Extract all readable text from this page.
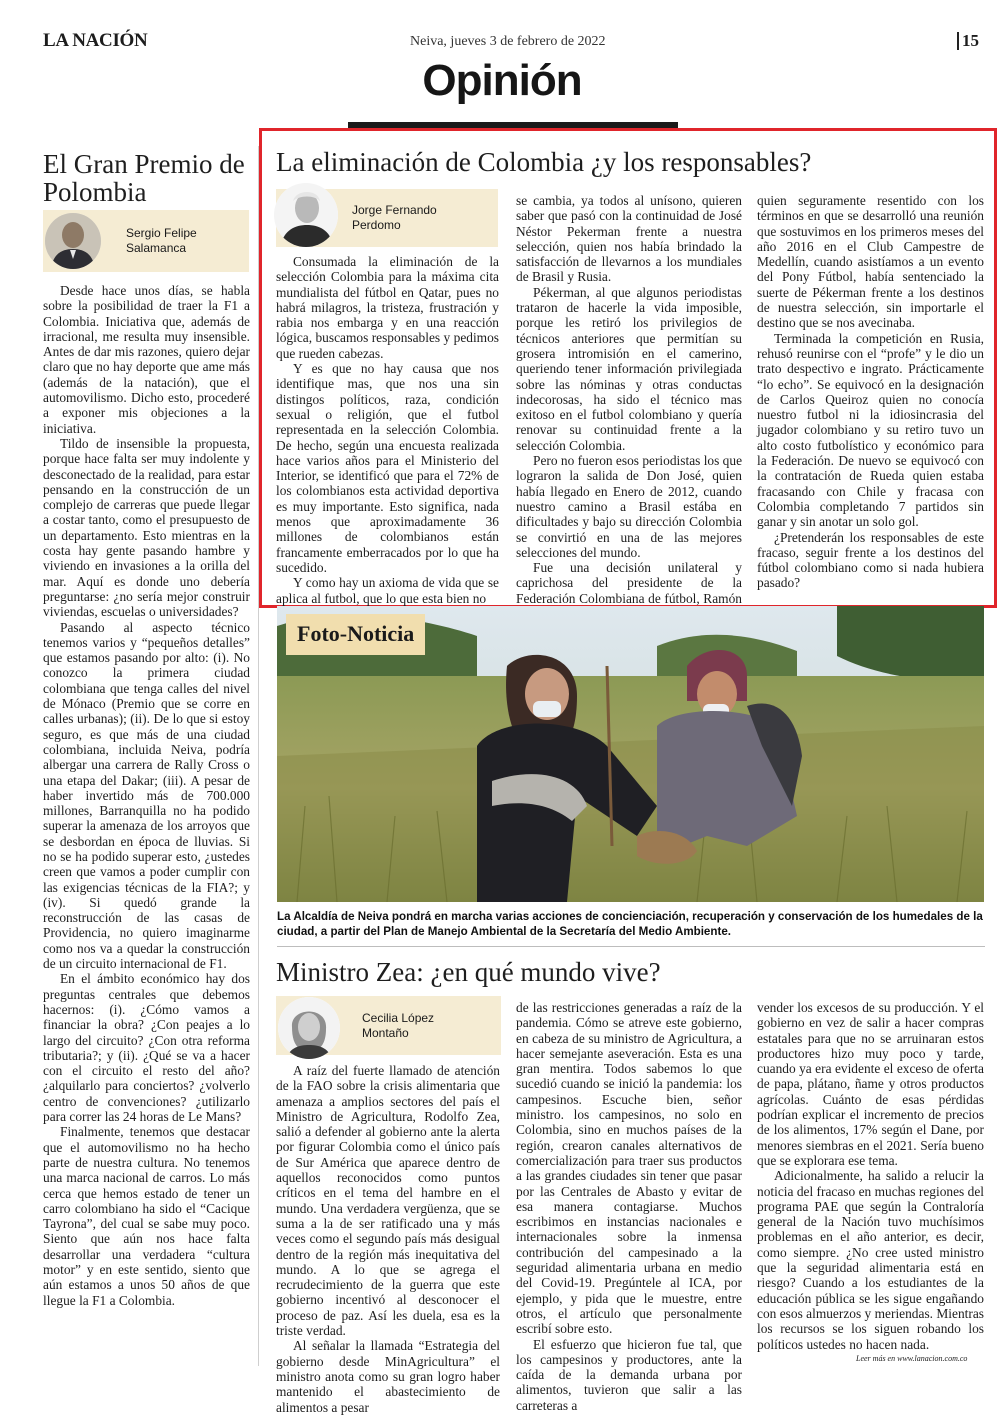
LA NACIÓN	Neiva, jueves 3 de febrero de 2022	15
Opinión
El Gran Premio de Polombia
Sergio Felipe Salamanca

Desde hace unos días, se habla sobre la posibilidad de traer la F1 a Colombia. Iniciativa que, además de irracional, me resulta muy insensible. Antes de dar mis razones, quiero dejar claro que no hay deporte que ame más (además de la natación), que el automovilismo. Dicho esto, procederé a exponer mis objeciones a la iniciativa.

Tildo de insensible la propuesta, porque hace falta ser muy indolente y desconectado de la realidad, para estar pensando en la construcción de un complejo de carreras que puede llegar a costar tanto, como el presupuesto de un departamento. Esto mientras en la costa hay gente pasando hambre y viviendo en invasiones a la orilla del mar. Aquí es donde uno debería preguntarse: ¿no sería mejor construir viviendas, escuelas o universidades?

Pasando al aspecto técnico tenemos varios y “pequeños detalles” que estamos pasando por alto: (i). No conozco la primera ciudad colombiana que tenga calles del nivel de Mónaco (Premio que se corre en calles urbanas); (ii). De lo que si estoy seguro, es que más de una ciudad colombiana, incluida Neiva, podría albergar una carrera de Rally Cross o una etapa del Dakar; (iii). A pesar de haber invertido más de 700.000 millones, Barranquilla no ha podido superar la amenaza de los arroyos que se desbordan en época de lluvias. Si no se ha podido superar esto, ¿ustedes creen que vamos a poder cumplir con las exigencias técnicas de la FIA?; y (iv). Si quedó grande la reconstrucción de las casas de Providencia, no quiero imaginarme como nos va a quedar la construcción de un circuito internacional de F1.

En el ámbito económico hay dos preguntas centrales que debemos hacernos: (i). ¿Cómo vamos a financiar la obra? ¿Con peajes a lo largo del circuito? ¿Con otra reforma tributaria?; y (ii). ¿Qué se va a hacer con el circuito el resto del año? ¿alquilarlo para conciertos? ¿volverlo centro de convenciones? ¿utilizarlo para correr las 24 horas de Le Mans?

Finalmente, tenemos que destacar que el automovilismo no ha hecho parte de nuestra cultura. No tenemos una marca nacional de carros. Lo más cerca que hemos estado de tener un carro colombiano ha sido el “Cacique Tayrona”, del cual se sabe muy poco. Siento que aún nos hace falta desarrollar una verdadera “cultura motor” y en este sentido, siento que aún estamos a unos 50 años de que llegue la F1 a Colombia.

La eliminación de Colombia ¿y los responsables?
Jorge Fernando Perdomo

Consumada la eliminación de la selección Colombia para la máxima cita mundialista del fútbol en Qatar, pues no habrá milagros, la tristeza, frustración y rabia nos embarga y en una reacción lógica, buscamos responsables y pedimos que rueden cabezas.

Y es que no hay causa que nos identifique mas, que nos una sin distingos políticos, raza, condición sexual o religión, que el futbol representada en la selección Colombia. De hecho, según una encuesta realizada hace varios años para el Ministerio del Interior, se identificó que para el 72% de los colombianos esta actividad deportiva es muy importante. Esto significa, nada menos que aproximadamente 36 millones de colombianos están francamente emberracados por lo que ha sucedido.

Y como hay un axioma de vida que se aplica al futbol, que lo que esta bien no

se cambia, ya todos al unísono, quieren saber que pasó con la continuidad de José Néstor Pekerman frente a nuestra selección, quien nos había brindado la satisfacción de llevarnos a los mundiales de Brasil y Rusia.

Pékerman, al que algunos periodistas trataron de hacerle la vida imposible, porque les retiró los privilegios de técnicos anteriores que permitían su grosera intromisión en el camerino, queriendo tener información privilegiada sobre las nóminas y otras conductas indecorosas, ha sido el técnico mas exitoso en el futbol colombiano y quería renovar su continuidad frente a la selección Colombia.

Pero no fueron esos periodistas los que lograron la salida de Don José, quien había llegado en Enero de 2012, cuando nuestro camino a Brasil estába en dificultades y bajo su dirección Colombia se convirtió en una de las mejores selecciones del mundo.

Fue una decisión unilateral y caprichosa del presidente de la Federación Colombiana de fútbol, Ramón

quien seguramente resentido con los términos en que se desarrolló una reunión que sostuvimos en los primeros meses del año 2016 en el Club Campestre de Medellín, cuando asistíamos a un evento del Pony Fútbol, había sentenciado la suerte de Pékerman frente a los destinos de nuestra selección, sin importarle el destino que se nos avecinaba.

Terminada la competición en Rusia, rehusó reunirse con el “profe” y le dio un trato despectivo e ingrato. Prácticamente “lo echo”. Se equivocó en la designación de Carlos Queiroz quien no conocía nuestro futbol ni la idiosincrasia del jugador colombiano y su retiro tuvo un alto costo futbolístico y económico para la Federación. De nuevo se equivocó con la contratación de Rueda quien estaba fracasando con Chile y fracasa con Colombia completando 7 partidos sin ganar y sin anotar un solo gol.

¿Pretenderán los responsables de este fracaso, seguir frente a los destinos del fútbol colombiano como si nada hubiera pasado?

Foto-Noticia
La Alcaldía de Neiva pondrá en marcha varias acciones de concienciación, recuperación y conservación de los humedales de la ciudad, a partir del Plan de Manejo Ambiental de la Secretaría del Medio Ambiente.
Ministro Zea: ¿en qué mundo vive?
Cecilia López Montaño

A raíz del fuerte llamado de atención de la FAO sobre la crisis alimentaria que amenaza a amplios sectores del país el Ministro de Agricultura, Rodolfo Zea, salió a defender al gobierno ante la alerta por figurar Colombia como el único país de Sur América que aparece dentro de aquellos reconocidos como puntos críticos en el tema del hambre en el mundo. Una verdadera vergüenza, que se suma a la de ser ratificado una y más veces como el segundo país más desigual dentro de la región más inequitativa del mundo. A lo que se agrega el recrudecimiento de la guerra que este gobierno incentivó al desconocer el proceso de paz. Así les duela, esa es la triste verdad.

Al señalar la llamada “Estrategia del gobierno desde MinAgricultura” el ministro anota como su gran logro haber mantenido el abastecimiento de alimentos a pesar

de las restricciones generadas a raíz de la pandemia. Cómo se atreve este gobierno, en cabeza de su ministro de Agricultura, a hacer semejante aseveración. Esta es una gran mentira. Todos sabemos lo que sucedió cuando se inició la pandemia: los campesinos. Escuche bien, señor ministro. los campesinos, no solo en Colombia, sino en muchos países de la región, crearon canales alternativos de comercialización para traer sus productos a las grandes ciudades sin tener que pasar por las Centrales de Abasto y evitar de esa manera contagiarse. Muchos escribimos en instancias nacionales e internacionales sobre la inmensa contribución del campesinado a la seguridad alimentaria urbana en medio del Covid-19. Pregúntele al ICA, por ejemplo, y pida que le muestre, entre otros, el artículo que personalmente escribí sobre esto.

El esfuerzo que hicieron fue tal, que los campesinos y productores, ante la caída de la demanda urbana por alimentos, tuvieron que salir a las carreteras a

vender los excesos de su producción. Y el gobierno en vez de salir a hacer compras estatales para que no se arruinaran estos productores hizo muy poco y tarde, cuando ya era evidente el exceso de oferta de papa, plátano, ñame y otros productos agrícolas. Cuánto de esas pérdidas podrían explicar el incremento de precios de los alimentos, 17% según el Dane, por menores siembras en el 2021. Sería bueno que se explorara ese tema.

Adicionalmente, ha salido a relucir la noticia del fracaso en muchas regiones del programa PAE que según la Contraloría general de la Nación tuvo muchísimos problemas en el año anterior, es decir, como siempre. ¿No cree usted ministro que la seguridad alimentaria está en riesgo? Cuando a los estudiantes de la educación pública se les sigue engañando con esos almuerzos y meriendas. Mientras los recursos se los siguen robando los políticos ustedes no hacen nada.

Leer más en www.lanacion.com.co
